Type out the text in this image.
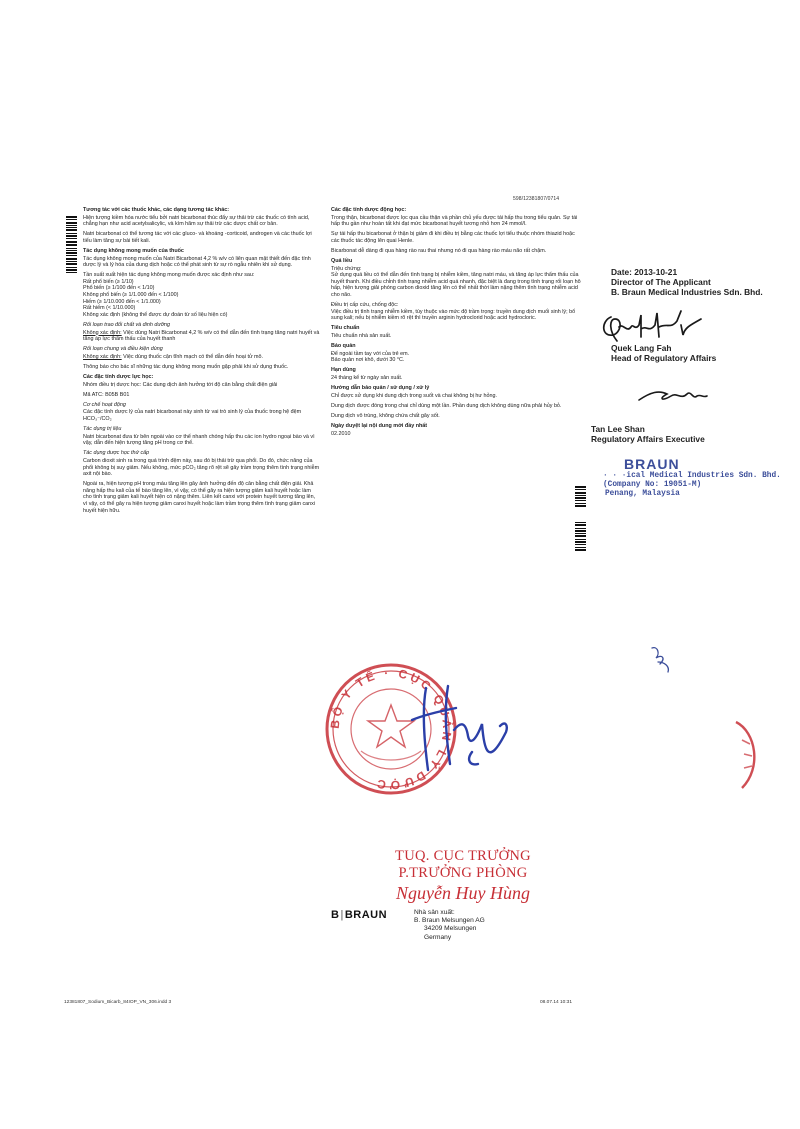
598/12381807/0714

Tương tác với các thuốc khác, các dạng tương tác khác:

Hiện tượng kiềm hóa nước tiểu bởi natri bicarbonat thúc đẩy sự thải trừ các thuốc có tính acid, chẳng hạn như acid acetylsalicylic, và kìm hãm sự thải trừ các dược chất cơ bản.

Natri bicarbonat có thể tương tác với các gluco- và khoáng -corticoid, androgen và các thuốc lợi tiểu làm tăng sự bài tiết kali.

Tác dụng không mong muốn của thuốc

Tác dụng không mong muốn của Natri Bicarbonat 4,2 % w/v có liên quan mật thiết đến đặc tính dược lý và lý hóa của dung dịch hoặc có thể phát sinh từ sự rò ngẫu nhiên khi sử dụng.

Tần suất xuất hiện tác dụng không mong muốn được xác định như sau:

Rất phổ biến (≥ 1/10)

Phổ biến (≥ 1/100 đến < 1/10)

Không phổ biến (≥ 1/1.000 đến < 1/100)

Hiếm (≥ 1/10.000 đến < 1/1.000)

Rất hiếm (< 1/10.000)

Không xác định (không thể được dự đoán từ số liệu hiện có)

Rối loạn trao đổi chất và dinh dưỡng

Không xác định: Việc dùng Natri Bicarbonat 4,2 % w/v có thể dẫn đến tình trạng tăng natri huyết và tăng áp lực thẩm thấu của huyết thanh

Rối loạn chung và điều kiện dùng

Không xác định: Việc dùng thuốc cận tĩnh mạch có thể dẫn đến hoại tử mô.

Thông báo cho bác sĩ những tác dụng không mong muốn gặp phải khi sử dụng thuốc.

Các đặc tính dược lực học:

Nhóm điều trị dược học: Các dung dịch ảnh hưởng tới độ cân bằng chất điện giải

Mã ATC: B05B B01

Cơ chế hoạt động

Các đặc tính dược lý của natri bicarbonat này sinh từ vai trò sinh lý của thuốc trong hệ đệm HCO₃⁻/CO₂

Tác dụng trị liệu

Natri bicarbonat đưa từ bên ngoài vào cơ thể nhanh chóng hấp thu các ion hydro ngoại bào và vì vậy, dẫn đến hiện tượng tăng pH trong cơ thể.

Tác dụng dược học thứ cấp

Carbon dioxit sinh ra trong quá trình đệm này, sau đó bị thải trừ qua phổi. Do đó, chức năng của phổi không bị suy giảm. Nếu không, mức pCO₂ tăng rõ rệt sẽ gây trầm trọng thêm tình trạng nhiễm axit nội bào.

Ngoài ra, hiện tượng pH trong máu tăng lên gây ảnh hưởng đến độ cân bằng chất điện giải. Khả năng hấp thu kali của tế bào tăng lên, vì vậy, có thể gây ra hiện tượng giảm kali huyết hoặc làm cho tình trạng giảm kali huyết hiện có nặng thêm. Liên kết canxi với protein huyết tương tăng lên, vì vậy, có thể gây ra hiện tượng giảm canxi huyết hoặc làm trầm trọng thêm tình trạng giảm canxi huyết hiện hữu.

Các đặc tính dược động học:

Trong thận, bicarbonat được lọc qua cầu thận và phần chủ yếu được tái hấp thu trong tiểu quản. Sự tái hấp thu gần như hoàn tất khi đạt mức bicarbonat huyết tương nhỏ hơn 24 mmol/l.

Sự tái hấp thu bicarbonat ở thận bị giảm đi khi điều trị bằng các thuốc lợi tiểu thuộc nhóm thiazid hoặc các thuốc tác động lên quai Henle.

Bicarbonat dễ dàng đi qua hàng rào rau thai nhưng nó đi qua hàng rào máu não rất chậm.

Quá liều

Triệu chứng:

Sử dụng quá liều có thể dẫn đến tình trạng bị nhiễm kiềm, tăng natri máu, và tăng áp lực thẩm thấu của huyết thanh. Khi điều chỉnh tình trạng nhiễm acid quá nhanh, đặc biệt là đang trong tình trạng rối loạn hô hấp, hiện tượng giải phóng carbon dioxid tăng lên có thể nhất thời làm nặng thêm tình trạng nhiễm acid cho não.

Điều trị cấp cứu, chống độc:

Việc điều trị tình trạng nhiễm kiềm, tùy thuộc vào mức độ trầm trọng: truyền dung dịch muối sinh lý; bổ sung kali; nếu bị nhiễm kiềm rõ rệt thì truyền arginin hydroclorid hoặc acid hydrocloric.

Tiêu chuẩn

Tiêu chuẩn nhà sản xuất.

Bảo quản

Để ngoài tầm tay với của trẻ em.

Bảo quản nơi khô, dưới 30 °C.

Hạn dùng

24 tháng kể từ ngày sản xuất.

Hướng dẫn bảo quản / sử dụng / xử lý

Chỉ được sử dụng khi dung dịch trong suốt và chai không bị hư hỏng.

Dung dịch được đóng trong chai chỉ dùng một lần. Phần dung dịch không dùng nữa phải hủy bỏ.

Dung dịch vô trùng, không chứa chất gây sốt.

Ngày duyệt lại nội dung mới đầy nhất

02.2010

Date: 2013-10-21

Director of The Applicant

B. Braun Medical Industries Sdn. Bhd.

Quek Lang Fah

Head of Regulatory Affairs

Tan Lee Shan

Regulatory Affairs Executive

BRAUN
· · ·ical Medical Industries Sdn. Bhd.
(Company No: 19051-M)
Penang, Malaysia
BỘ Y TẾ · CỤC QUẢN LÝ DƯỢC
TUQ. CỤC TRƯỞNG
P.TRƯỞNG PHÒNG
Nguyễn Huy Hùng
B|BRAUN	Nhà sản xuất:

B. Braun Melsungen AG

34209 Melsungen

Germany

12381807_Sodium_Bicarb_84IOP_VN_306.indd 3	08.07.14 10:31
